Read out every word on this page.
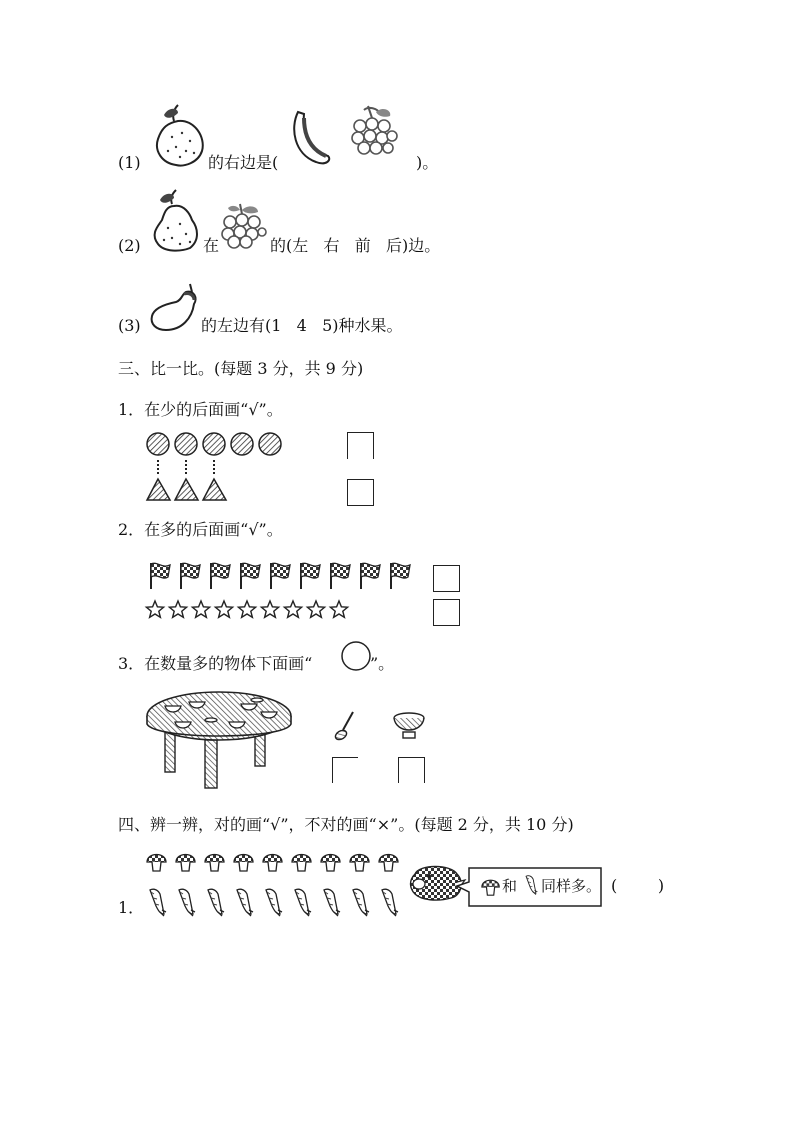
(1)	的右边是(	)。
(2)	在	的(左   右   前   后)边。
(3)	的左边有(1   4   5)种水果。
三、比一比。(每题 3 分，共 9 分)
1．在少的后面画“√”。
2．在多的后面画“√”。
3．在数量多的物体下面画“	”。
四、辨一辨，对的画“√”，不对的画“×”。(每题 2 分，共 10 分)
1．
和 同样多。 (        )
